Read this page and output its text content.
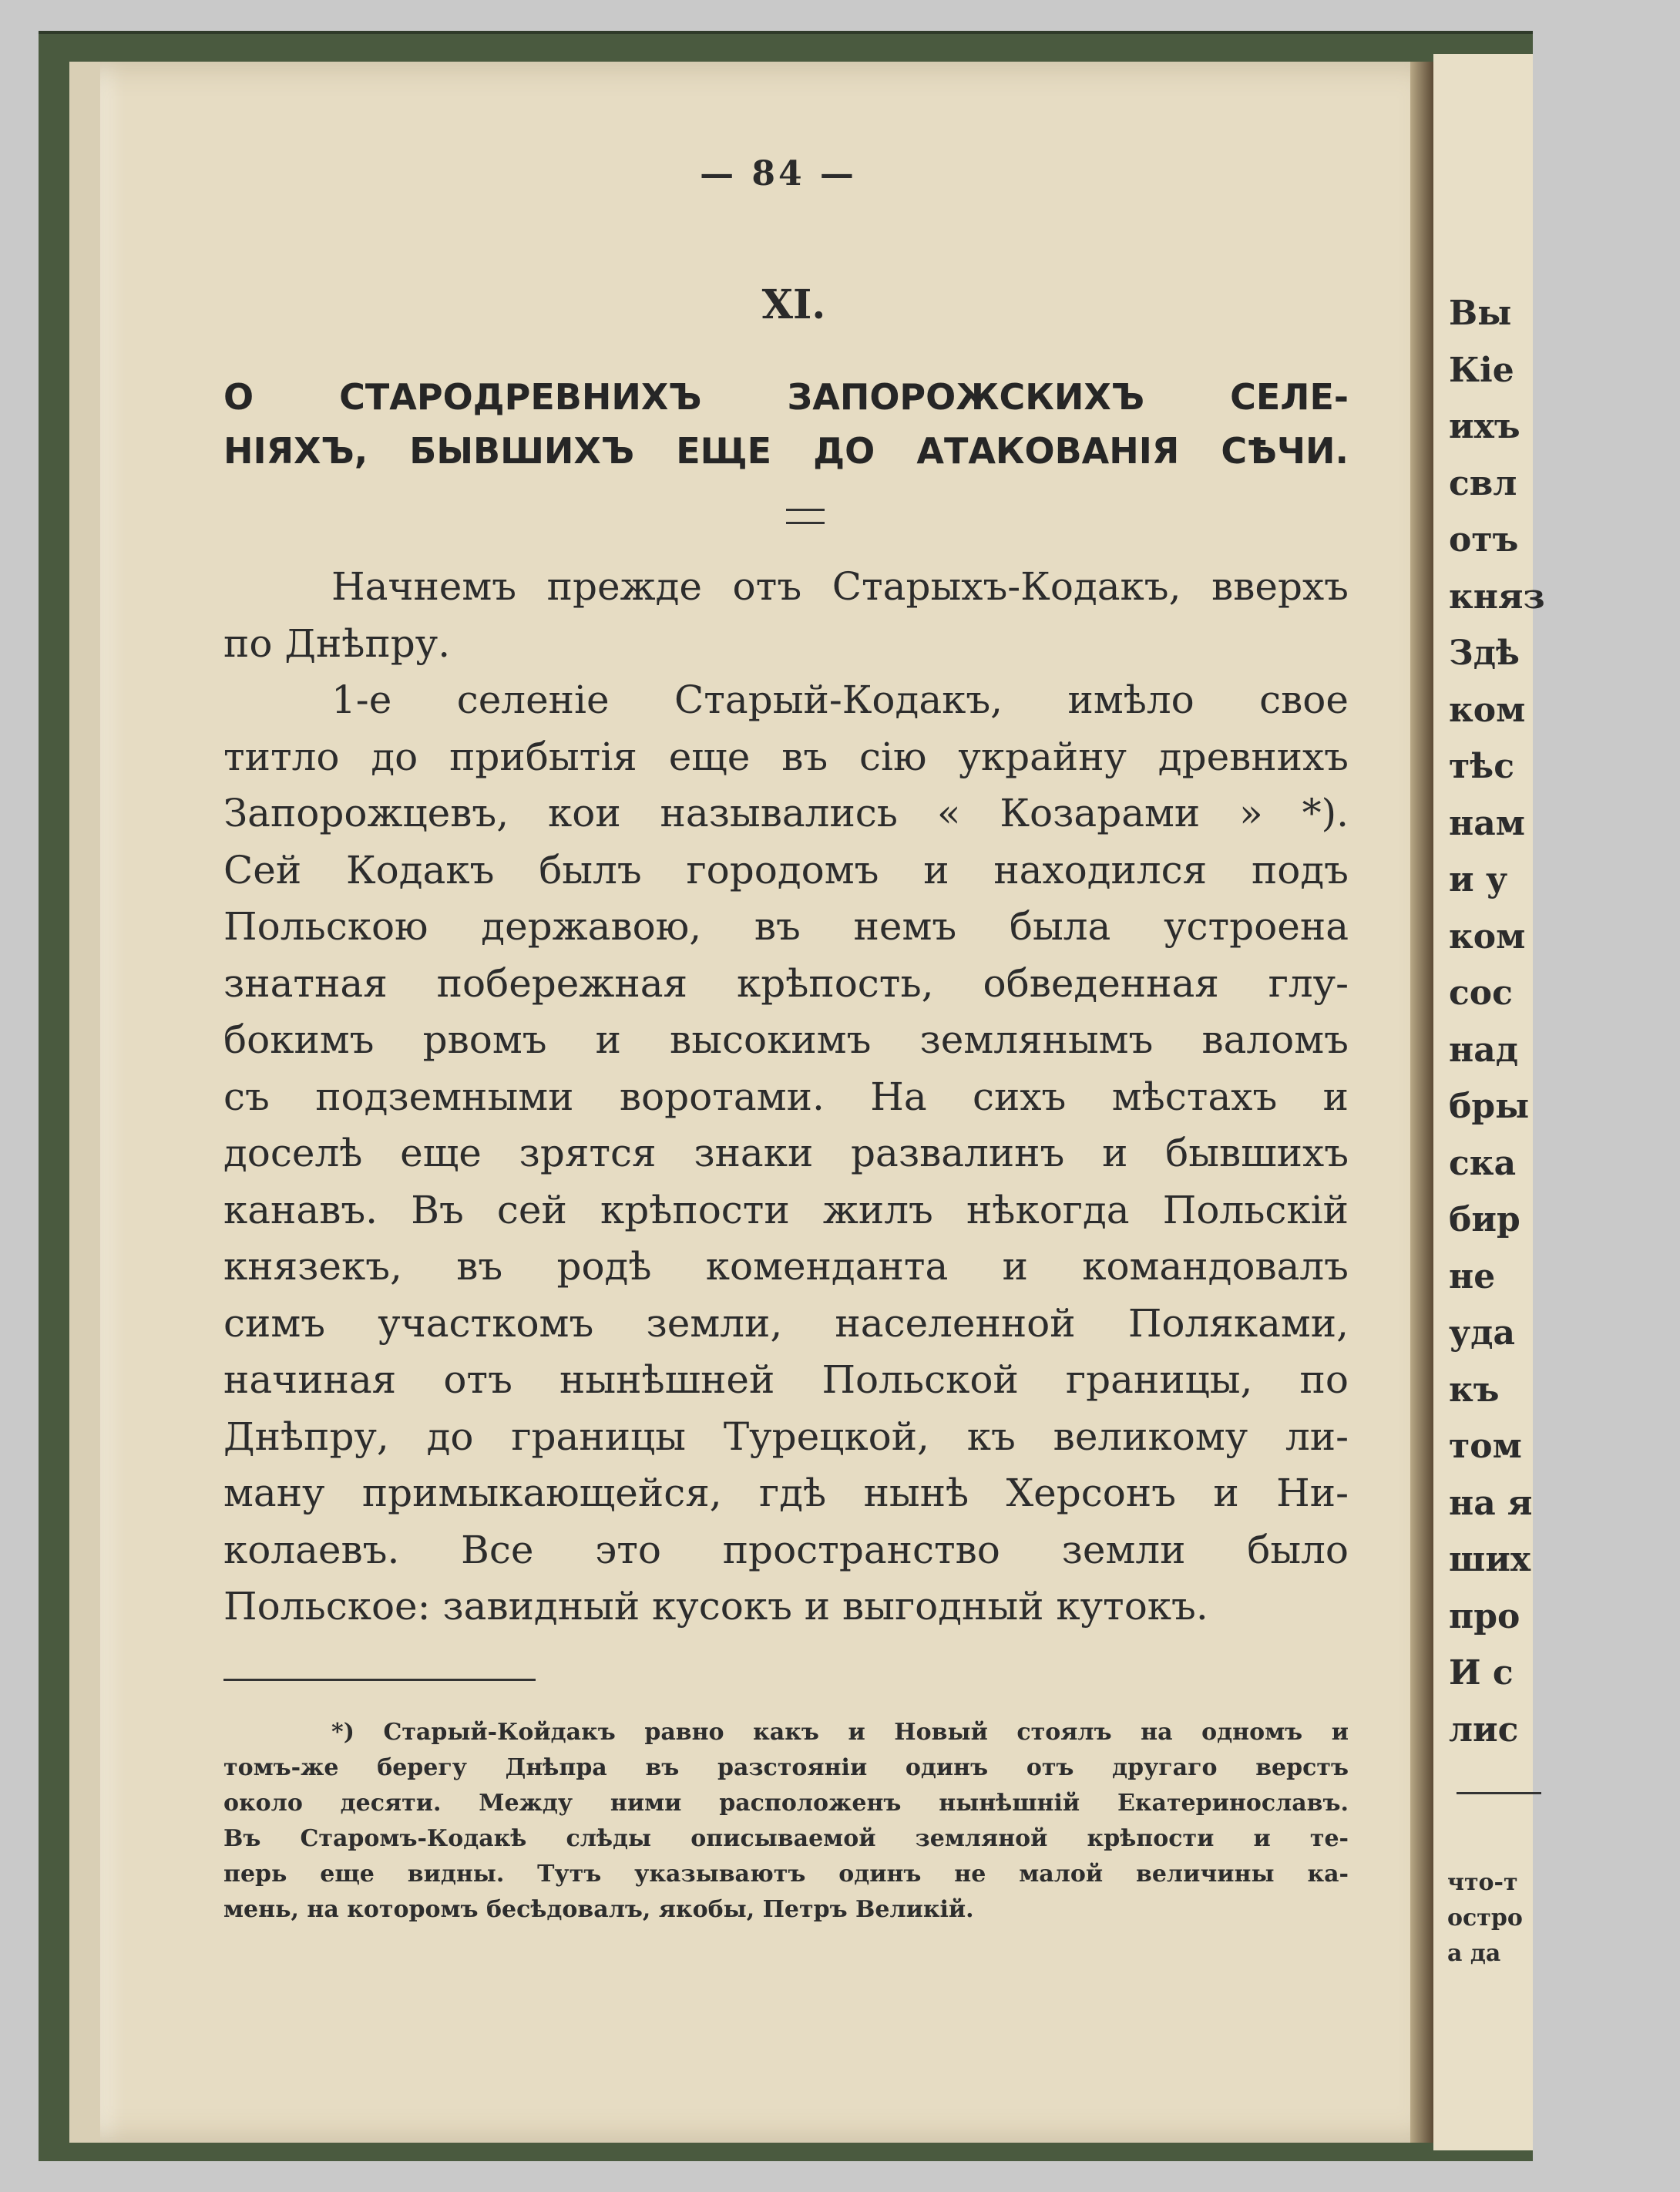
Вы
Кіе
ихъ
свл
отъ
княз
Здѣ
ком
тѣс
нам
и у
ком
сос
над
бры
ска
бир
не
уда
къ
том
на я
ших
про
И с
лис
что-т
остро
а да
— 84 —
XI.
О СТАРОДРЕВНИХЪ ЗАПОРОЖСКИХЪ СЕЛЕ-
НІЯХЪ, БЫВШИХЪ ЕЩЕ ДО АТАКОВАНІЯ СѢЧИ.
Начнемъ прежде отъ Старыхъ-Кодакъ, вверхъ
по Днѣпру.
1-е селеніе Старый-Кодакъ, имѣло свое
титло до прибытія еще въ сію украйну древнихъ
Запорожцевъ, кои назывались « Козарами » *).
Сей Кодакъ былъ городомъ и находился подъ
Польскою державою, въ немъ была устроена
знатная побережная крѣпость, обведенная глу-
бокимъ рвомъ и высокимъ землянымъ валомъ
съ подземными воротами. На сихъ мѣстахъ и
доселѣ еще зрятся знаки развалинъ и бывшихъ
канавъ. Въ сей крѣпости жилъ нѣкогда Польскій
князекъ, въ родѣ коменданта и командовалъ
симъ участкомъ земли, населенной Поляками,
начиная отъ нынѣшней Польской границы, по
Днѣпру, до границы Турецкой, къ великому ли-
ману примыкающейся, гдѣ нынѣ Херсонъ и Ни-
колаевъ. Все это пространство земли было
Польское: завидный кусокъ и выгодный кутокъ.
*) Старый-Койдакъ равно какъ и Новый стоялъ на одномъ и
томъ-же берегу Днѣпра въ разстояніи одинъ отъ другаго верстъ
около десяти. Между ними расположенъ нынѣшній Екатеринославъ.
Въ Старомъ-Кодакѣ слѣды описываемой земляной крѣпости и те-
перь еще видны. Тутъ указываютъ одинъ не малой величины ка-
мень, на которомъ бесѣдовалъ, якобы, Петръ Великій.
